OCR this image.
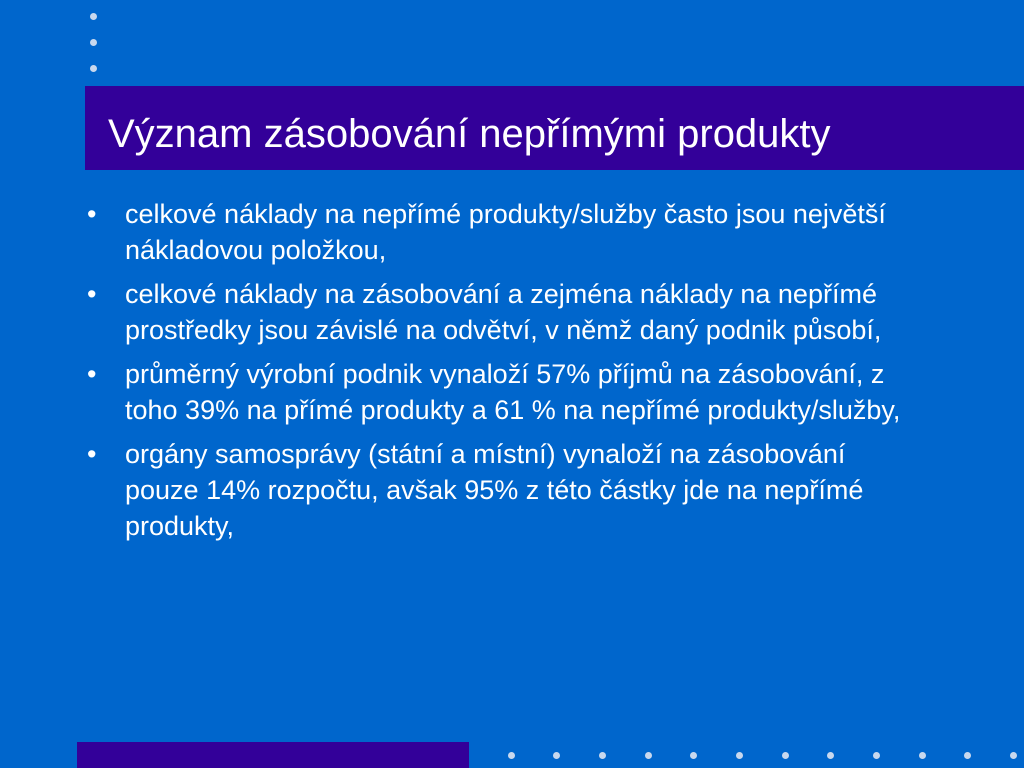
Význam zásobování nepřímými produkty
• celkové náklady na nepřímé produkty/služby často jsou největší nákladovou položkou,
• celkové náklady na zásobování a zejména náklady na nepřímé prostředky jsou závislé na odvětví, v němž daný podnik působí,
• průměrný výrobní podnik vynaloží 57% příjmů na zásobování, z toho 39% na přímé produkty a 61 % na nepřímé produkty/služby,
• orgány samosprávy (státní a místní) vynaloží na zásobování pouze 14% rozpočtu, avšak 95% z této částky jde na nepřímé produkty,
